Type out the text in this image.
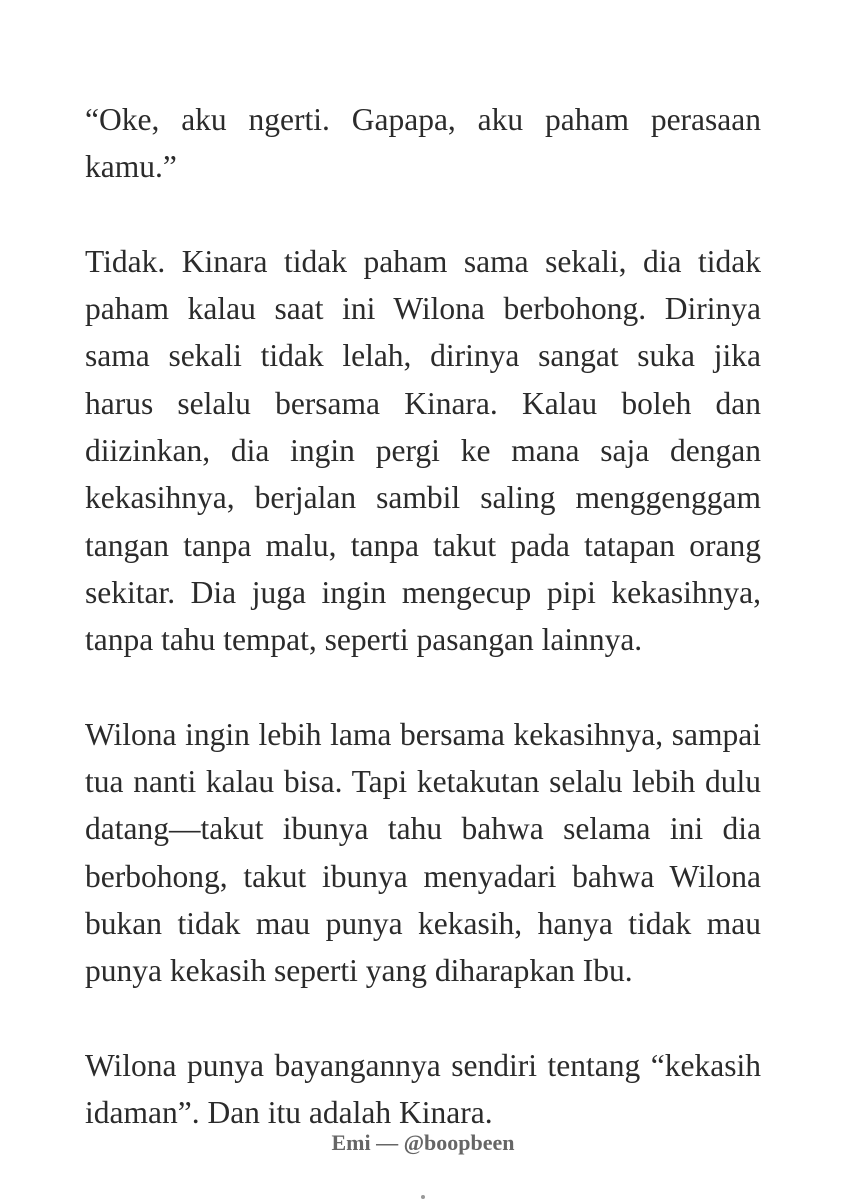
“Oke, aku ngerti. Gapapa, aku paham perasaan kamu.”

Tidak. Kinara tidak paham sama sekali, dia tidak paham kalau saat ini Wilona berbohong. Dirinya sama sekali tidak lelah, dirinya sangat suka jika harus selalu bersama Kinara. Kalau boleh dan diizinkan, dia ingin pergi ke mana saja dengan kekasihnya, berjalan sambil saling menggenggam tangan tanpa malu, tanpa takut pada tatapan orang sekitar. Dia juga ingin mengecup pipi kekasihnya, tanpa tahu tempat, seperti pasangan lainnya.

Wilona ingin lebih lama bersama kekasihnya, sampai tua nanti kalau bisa. Tapi ketakutan selalu lebih dulu datang—takut ibunya tahu bahwa selama ini dia berbohong, takut ibunya menyadari bahwa Wilona bukan tidak mau punya kekasih, hanya tidak mau punya kekasih seperti yang diharapkan Ibu.

Wilona punya bayangannya sendiri tentang “kekasih idaman”. Dan itu adalah Kinara.

Emi — @boopbeen
